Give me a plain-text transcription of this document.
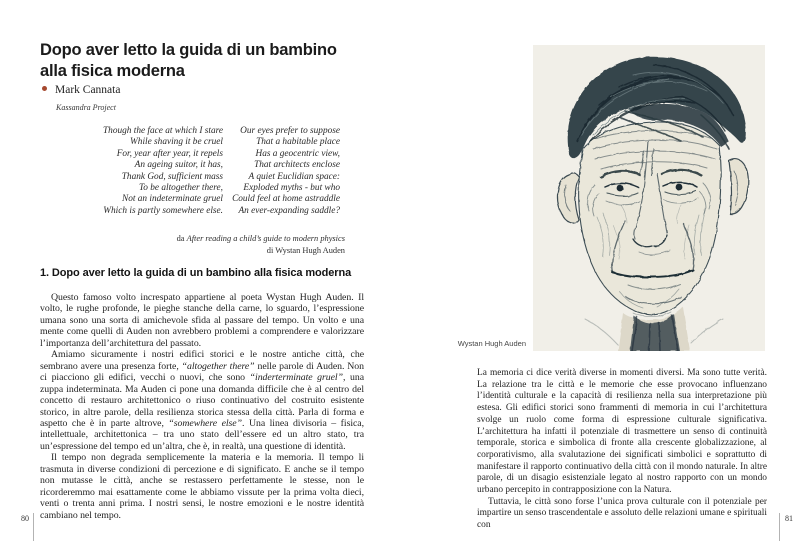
Dopo aver letto la guida di un bambino
alla fisica moderna
Mark Cannata
Kassandra Project
Though the face at which I stare
While shaving it be cruel
For, year after year, it repels
An ageing suitor, it has,
Thank God, sufficient mass
To be altogether there,
Not an indeterminate gruel
Which is partly somewhere else.
Our eyes prefer to suppose
That a habitable place
Has a geocentric view,
That architects enclose
A quiet Euclidian space:
Exploded myths - but who
Could feel at home astraddle
An ever-expanding saddle?
da After reading a child’s guide to modern physics
di Wystan Hugh Auden
1. Dopo aver letto la guida di un bambino alla fisica moderna

Questo famoso volto increspato appartiene al poeta Wystan Hugh Auden. Il volto, le rughe profonde, le pieghe stanche della carne, lo sguardo, l’espressione umana sono una sorta di amichevole sfida al passare del tempo. Un volto e una mente come quelli di Auden non avrebbero problemi a comprendere e valorizzare l’importanza dell’architettura del passato.

Amiamo sicuramente i nostri edifici storici e le nostre antiche città, che sembrano avere una presenza forte, “altogether there” nelle parole di Auden. Non ci piacciono gli edifici, vecchi o nuovi, che sono “inderterminate gruel”, una zuppa indeterminata. Ma Auden ci pone una domanda difficile che è al centro del concetto di restauro architettonico o riuso continuativo del costruito esistente storico, in altre parole, della resilienza storica stessa della città. Parla di forma e aspetto che è in parte altrove, “somewhere else”. Una linea divisoria – fisica, intellettuale, architettonica – tra uno stato dell’essere ed un altro stato, tra un’espressione del tempo ed un’altra, che è, in realtà, una questione di identità.

Il tempo non degrada semplicemente la materia e la memoria. Il tempo li trasmuta in diverse condizioni di percezione e di significato. E anche se il tempo non mutasse le città, anche se restassero perfettamente le stesse, non le ricorderemmo mai esattamente come le abbiamo vissute per la prima volta dieci, venti o trenta anni prima. I nostri sensi, le nostre emozioni e le nostre identità cambiano nel tempo.

80
Wystan Hugh Auden

La memoria ci dice verità diverse in momenti diversi. Ma sono tutte verità. La relazione tra le città e le memorie che esse provocano influenzano l’identità culturale e la capacità di resilienza nella sua interpretazione più estesa. Gli edifici storici sono frammenti di memoria in cui l’architettura svolge un ruolo come forma di espressione culturale significativa. L’architettura ha infatti il potenziale di trasmettere un senso di continuità temporale, storica e simbolica di fronte alla crescente globalizzazione, al corporativismo, alla svalutazione dei significati simbolici e soprattutto di manifestare il rapporto continuativo della città con il mondo naturale. In altre parole, di un disagio esistenziale legato al nostro rapporto con un mondo urbano percepito in contrapposizione con la Natura.

Tuttavia, le città sono forse l’unica prova culturale con il potenziale per impartire un senso trascendentale e assoluto delle relazioni umane e spirituali con

81
